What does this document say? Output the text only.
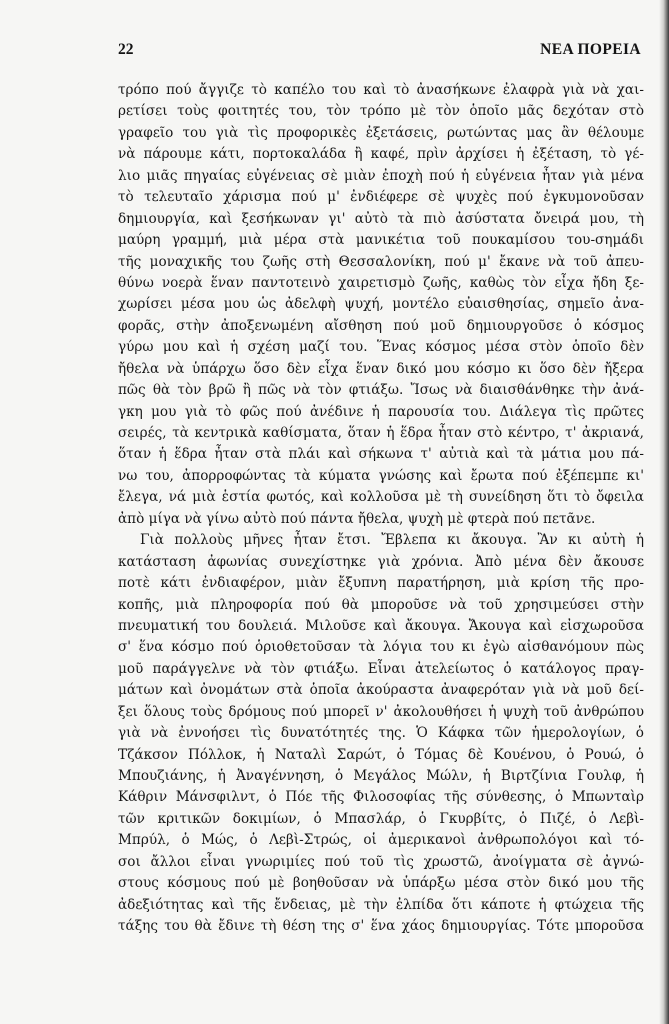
22	ΝΕΑ ΠΟΡΕΙΑ
τρόπο πού ἄγγιζε τὸ καπέλο του καὶ τὸ ἀνασήκωνε ἐλαφρὰ γιὰ νὰ χαι-
ρετίσει τοὺς φοιτητές του, τὸν τρόπο μὲ τὸν ὁποῖο μᾶς δεχόταν στὸ
γραφεῖο του γιὰ τὶς προφορικὲς ἐξετάσεις, ρωτώντας μας ἂν θέλουμε
νὰ πάρουμε κάτι, πορτοκαλάδα ἢ καφέ, πρὶν ἀρχίσει ἡ ἐξέταση, τὸ γέ-
λιο μιᾶς πηγαίας εὐγένειας σὲ μιὰν ἐποχὴ πού ἡ εὐγένεια ἦταν γιὰ μένα
τὸ τελευταῖο χάρισμα πού μ' ἐνδιέφερε σὲ ψυχὲς πού ἐγκυμονοῦσαν
δημιουργία, καὶ ξεσήκωναν γι' αὐτὸ τὰ πιὸ ἀσύστατα ὄνειρά μου, τὴ
μαύρη γραμμή, μιὰ μέρα στὰ μανικέτια τοῦ πουκαμίσου του-σημάδι
τῆς μοναχικῆς του ζωῆς στὴ Θεσσαλονίκη, πού μ' ἔκανε νὰ τοῦ ἀπευ-
θύνω νοερὰ ἕναν παντοτεινὸ χαιρετισμὸ ζωῆς, καθὼς τὸν εἶχα ἤδη ξε-
χωρίσει μέσα μου ὡς ἀδελφὴ ψυχή, μοντέλο εὐαισθησίας, σημεῖο ἀνα-
φορᾶς, στὴν ἀποξενωμένη αἴσθηση πού μοῦ δημιουργοῦσε ὁ κόσμος
γύρω μου καὶ ἡ σχέση μαζί του. Ἕνας κόσμος μέσα στὸν ὁποῖο δὲν
ἤθελα νὰ ὑπάρχω ὅσο δὲν εἶχα ἕναν δικό μου κόσμο κι ὅσο δὲν ἤξερα
πῶς θὰ τὸν βρῶ ἢ πῶς νὰ τὸν φτιάξω. Ἴσως νὰ διαισθάνθηκε τὴν ἀνά-
γκη μου γιὰ τὸ φῶς πού ἀνέδινε ἡ παρουσία του. Διάλεγα τὶς πρῶτες
σειρές, τὰ κεντρικὰ καθίσματα, ὅταν ἡ ἕδρα ἦταν στὸ κέντρο, τ' ἀκριανά,
ὅταν ἡ ἕδρα ἦταν στὰ πλάι καὶ σήκωνα τ' αὐτιὰ καὶ τὰ μάτια μου πά-
νω του, ἀπορροφώντας τὰ κύματα γνώσης καὶ ἔρωτα πού ἐξέπεμπε κι'
ἔλεγα, νά μιὰ ἑστία φωτός, καὶ κολλοῦσα μὲ τὴ συνείδηση ὅτι τὸ ὄφειλα
ἀπὸ μίγα νὰ γίνω αὐτὸ πού πάντα ἤθελα, ψυχὴ μὲ φτερὰ πού πετᾶνε.
Γιὰ πολλοὺς μῆνες ἦταν ἔτσι. Ἔβλεπα κι ἄκουγα. Ἂν κι αὐτὴ ἡ
κατάσταση ἀφωνίας συνεχίστηκε γιὰ χρόνια. Ἀπὸ μένα δὲν ἄκουσε
ποτὲ κάτι ἐνδιαφέρον, μιὰν ἔξυπνη παρατήρηση, μιὰ κρίση τῆς προ-
κοπῆς, μιὰ πληροφορία πού θὰ μποροῦσε νὰ τοῦ χρησιμεύσει στὴν
πνευματική του δουλειά. Μιλοῦσε καὶ ἄκουγα. Ἄκουγα καὶ εἰσχωροῦσα
σ' ἕνα κόσμο πού ὁριοθετοῦσαν τὰ λόγια του κι ἐγὼ αἰσθανόμουν πὼς
μοῦ παράγγελνε νὰ τὸν φτιάξω. Εἶναι ἀτελείωτος ὁ κατάλογος πραγ-
μάτων καὶ ὀνομάτων στὰ ὁποῖα ἀκούραστα ἀναφερόταν γιὰ νὰ μοῦ δεί-
ξει ὅλους τοὺς δρόμους πού μπορεῖ ν' ἀκολουθήσει ἡ ψυχὴ τοῦ ἀνθρώπου
γιὰ νὰ ἐννοήσει τὶς δυνατότητές της. Ὁ Κάφκα τῶν ἡμερολογίων, ὁ
Τζάκσον Πόλλοκ, ἡ Ναταλὶ Σαρώτ, ὁ Τόμας δὲ Κουένου, ὁ Ρουώ, ὁ
Μπουζιάνης, ἡ Ἀναγέννηση, ὁ Μεγάλος Μώλν, ἡ Βιρτζίνια Γουλφ, ἡ
Κάθριν Μάνσφιλντ, ὁ Πόε τῆς Φιλοσοφίας τῆς σύνθεσης, ὁ Μπωνταὶρ
τῶν κριτικῶν δοκιμίων, ὁ Μπασλάρ, ὁ Γκυρβίτς, ὁ Πιζέ, ὁ Λεβὶ-
Μπρύλ, ὁ Μώς, ὁ Λεβὶ-Στρώς, οἱ ἀμερικανοὶ ἀνθρωπολόγοι καὶ τό-
σοι ἄλλοι εἶναι γνωριμίες πού τοῦ τὶς χρωστῶ, ἀνοίγματα σὲ ἀγνώ-
στους κόσμους πού μὲ βοηθοῦσαν νὰ ὑπάρξω μέσα στὸν δικό μου τῆς
ἀδεξιότητας καὶ τῆς ἔνδειας, μὲ τὴν ἐλπίδα ὅτι κάποτε ἡ φτώχεια τῆς
τάξης του θὰ ἔδινε τὴ θέση της σ' ἕνα χάος δημιουργίας. Τότε μποροῦσα
